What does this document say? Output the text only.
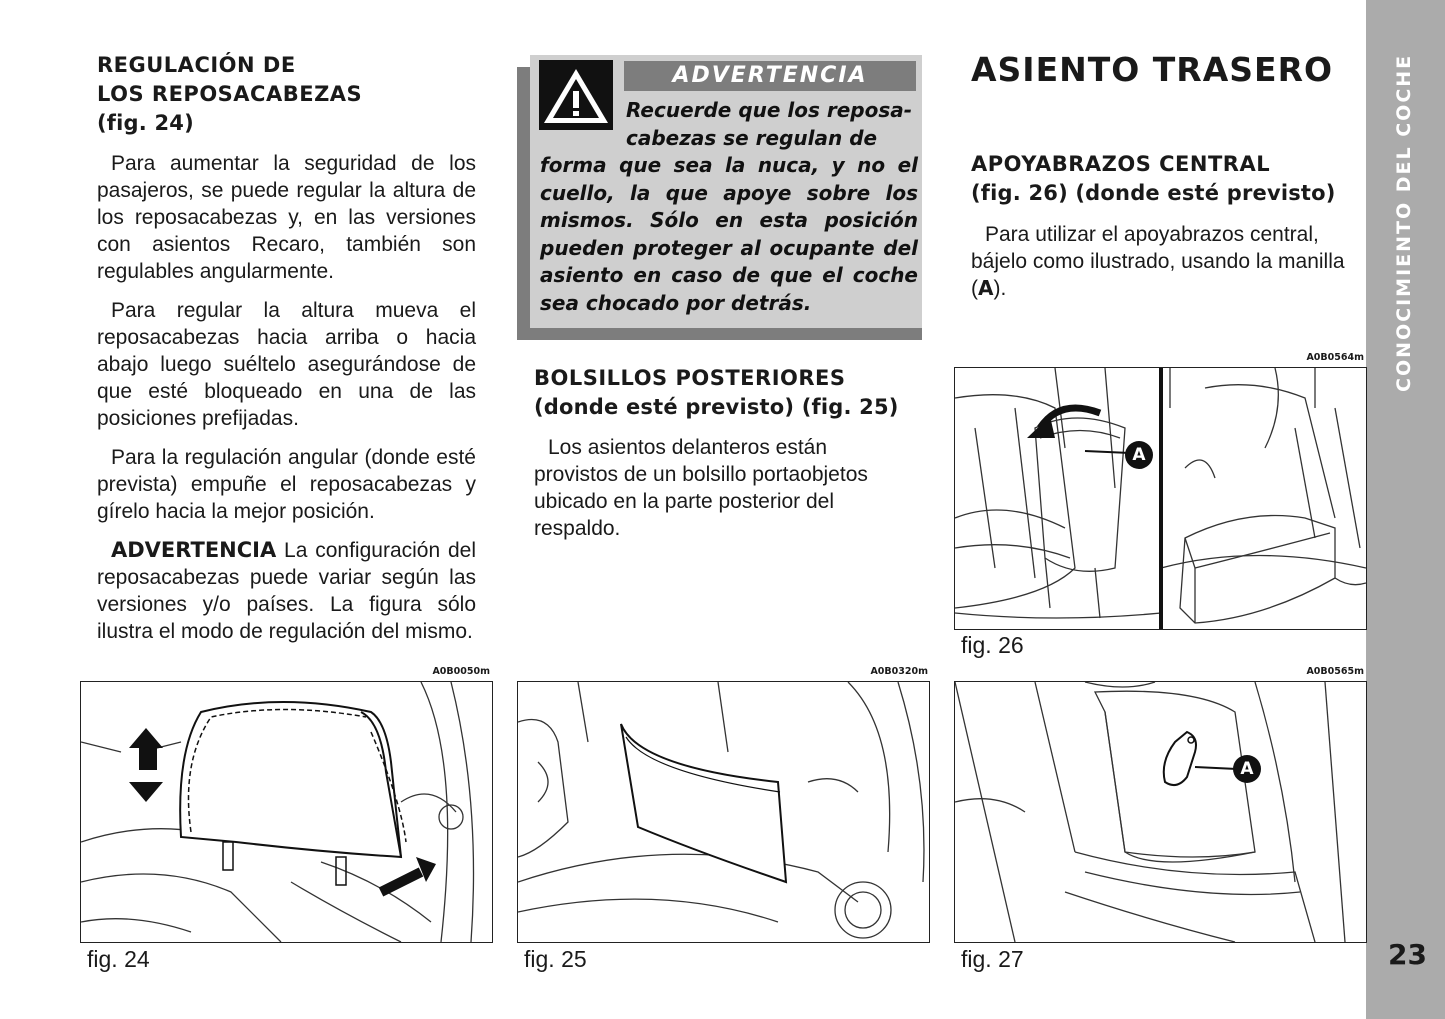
CONOCIMIENTO DEL COCHE
23
REGULACIÓN DE
LOS REPOSACABEZAS
(fig. 24)

Para aumentar la seguridad de los pasajeros, se puede regular la altura de los reposacabezas y, en las versiones con asientos Recaro, también son regulables angularmente.

Para regular la altura mueva el reposacabezas hacia arriba o hacia abajo luego suéltelo asegurándose de que esté bloqueado en una de las posiciones prefijadas.

Para la regulación angular (donde esté prevista) empuñe el reposacabezas y gírelo hacia la mejor posición.

ADVERTENCIA La configuración del reposacabezas puede variar según las versiones y/o países. La figura sólo ilustra el modo de regulación del mismo.

ADVERTENCIA
Recuerde que los reposa-
cabezas se regulan de
forma que sea la nuca, y no el cuello, la que apoye sobre los mismos. Sólo en esta posición pueden proteger al ocupante del asiento en caso de que el coche sea chocado por detrás.
BOLSILLOS POSTERIORES
(donde esté previsto) (fig. 25)

Los asientos delanteros están provistos de un bolsillo portaobjetos ubicado en la parte posterior del respaldo.

ASIENTO TRASERO
APOYABRAZOS CENTRAL
(fig. 26) (donde esté previsto)

Para utilizar el apoyabrazos central, bájelo como ilustrado, usando la manilla (A).

A0B0564m
A
fig. 26
A0B0050m
fig. 24
A0B0320m
fig. 25
A0B0565m
A
fig. 27
